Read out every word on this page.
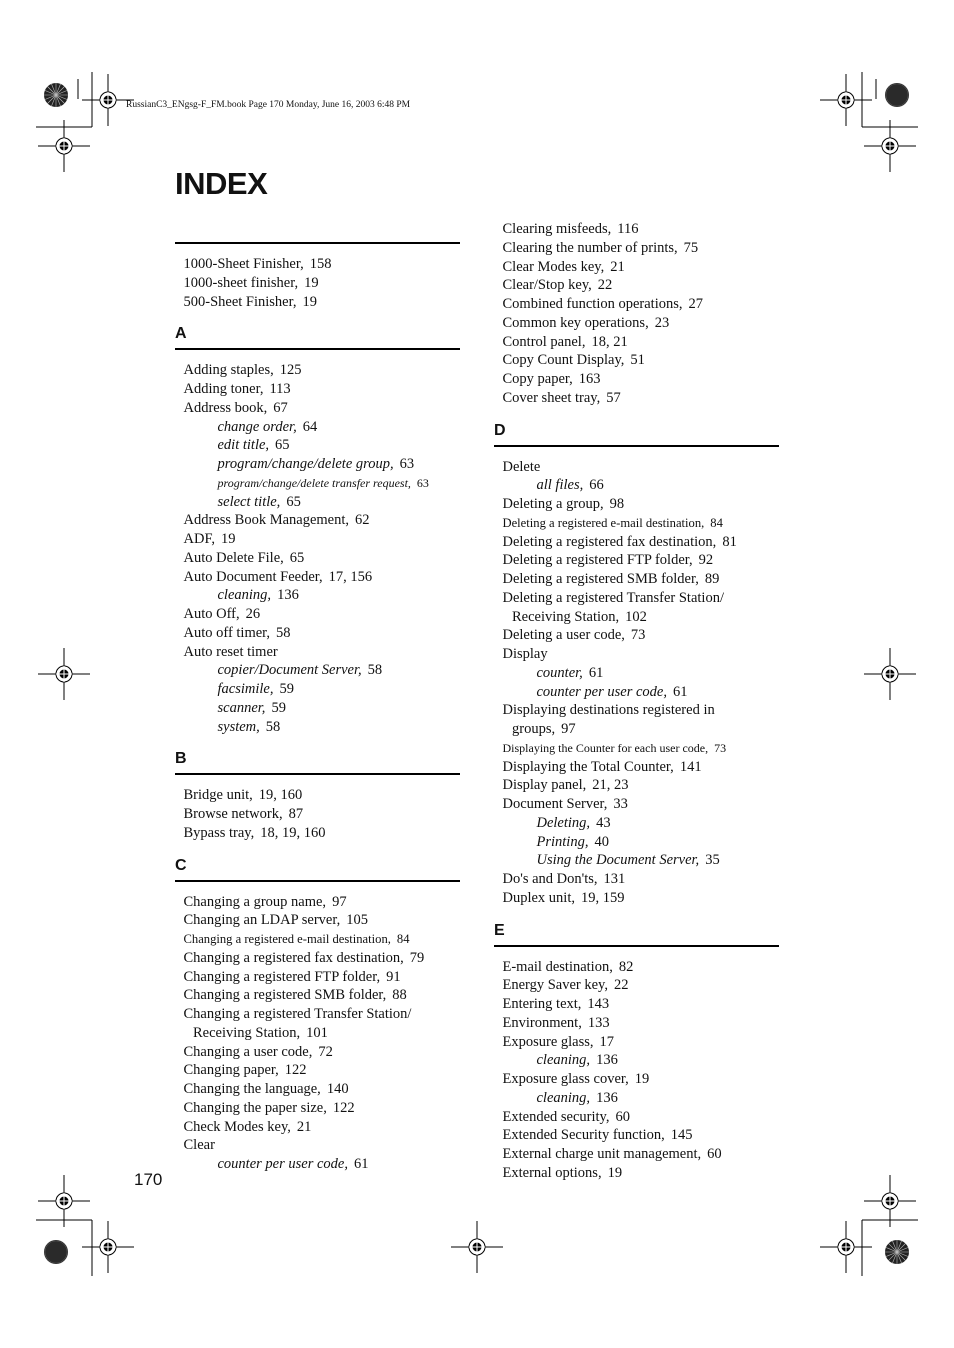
RussianC3_ENgsg-F_FM.book Page 170 Monday, June 16, 2003 6:48 PM
INDEX
1000-Sheet Finisher, 158
1000-sheet finisher, 19
500-Sheet Finisher, 19
A
Adding staples, 125
Adding toner, 113
Address book, 67
change order, 64
edit title, 65
program/change/delete group, 63
program/change/delete transfer request, 63
select title, 65
Address Book Management, 62
ADF, 19
Auto Delete File, 65
Auto Document Feeder, 17, 156
cleaning, 136
Auto Off, 26
Auto off timer, 58
Auto reset timer
copier/Document Server, 58
facsimile, 59
scanner, 59
system, 58
B
Bridge unit, 19, 160
Browse network, 87
Bypass tray, 18, 19, 160
C
Changing a group name, 97
Changing an LDAP server, 105
Changing a registered e-mail destination, 84
Changing a registered fax destination, 79
Changing a registered FTP folder, 91
Changing a registered SMB folder, 88
Changing a registered Transfer Station/
Receiving Station, 101
Changing a user code, 72
Changing paper, 122
Changing the language, 140
Changing the paper size, 122
Check Modes key, 21
Clear
counter per user code, 61
Clearing misfeeds, 116
Clearing the number of prints, 75
Clear Modes key, 21
Clear/Stop key, 22
Combined function operations, 27
Common key operations, 23
Control panel, 18, 21
Copy Count Display, 51
Copy paper, 163
Cover sheet tray, 57
D
Delete
all files, 66
Deleting a group, 98
Deleting a registered e-mail destination, 84
Deleting a registered fax destination, 81
Deleting a registered FTP folder, 92
Deleting a registered SMB folder, 89
Deleting a registered Transfer Station/
Receiving Station, 102
Deleting a user code, 73
Display
counter, 61
counter per user code, 61
Displaying destinations registered in
groups, 97
Displaying the Counter for each user code, 73
Displaying the Total Counter, 141
Display panel, 21, 23
Document Server, 33
Deleting, 43
Printing, 40
Using the Document Server, 35
Do's and Don'ts, 131
Duplex unit, 19, 159
E
E-mail destination, 82
Energy Saver key, 22
Entering text, 143
Environment, 133
Exposure glass, 17
cleaning, 136
Exposure glass cover, 19
cleaning, 136
Extended security, 60
Extended Security function, 145
External charge unit management, 60
External options, 19
170
